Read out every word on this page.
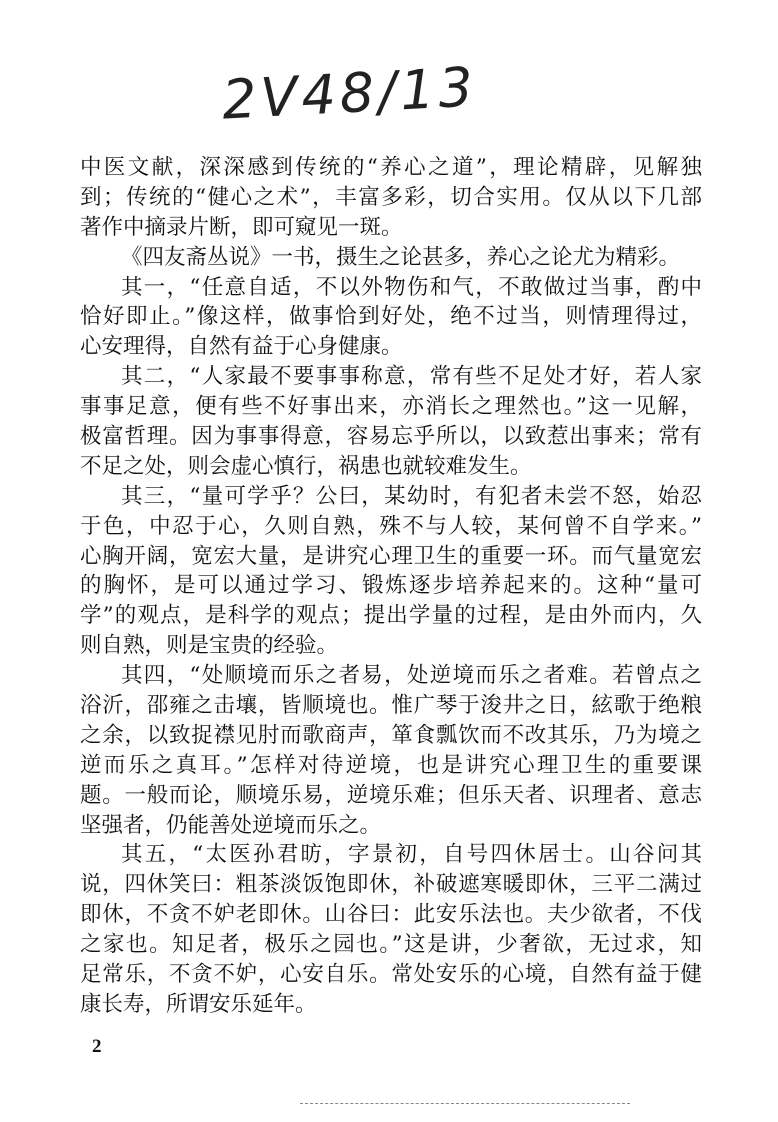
2V48/13
中医文献，深深感到传统的“养心之道”，理论精辟，见解独
到；传统的“健心之术”，丰富多彩，切合实用。仅从以下几部
著作中摘录片断，即可窥见一斑。
《四友斋丛说》一书，摄生之论甚多，养心之论尤为精彩。
其一，“任意自适，不以外物伤和气，不敢做过当事，酌中
恰好即止。”像这样，做事恰到好处，绝不过当，则情理得过，
心安理得，自然有益于心身健康。
其二，“人家最不要事事称意，常有些不足处才好，若人家
事事足意，便有些不好事出来，亦消长之理然也。”这一见解，
极富哲理。因为事事得意，容易忘乎所以，以致惹出事来；常有
不足之处，则会虚心慎行，祸患也就较难发生。
其三，“量可学乎？公曰，某幼时，有犯者未尝不怒，始忍
于色，中忍于心，久则自熟，殊不与人较，某何曾不自学来。”
心胸开阔，宽宏大量，是讲究心理卫生的重要一环。而气量宽宏
的胸怀，是可以通过学习、锻炼逐步培养起来的。这种“量可
学”的观点，是科学的观点；提出学量的过程，是由外而内，久
则自熟，则是宝贵的经验。
其四，“处顺境而乐之者易，处逆境而乐之者难。若曾点之
浴沂，邵雍之击壤，皆顺境也。惟广琴于浚井之日，絃歌于绝粮
之余，以致捉襟见肘而歌商声，箪食瓢饮而不改其乐，乃为境之
逆而乐之真耳。”怎样对待逆境，也是讲究心理卫生的重要课
题。一般而论，顺境乐易，逆境乐难；但乐天者、识理者、意志
坚强者，仍能善处逆境而乐之。
其五，“太医孙君昉，字景初，自号四休居士。山谷问其
说，四休笑曰：粗茶淡饭饱即休，补破遮寒暖即休，三平二满过
即休，不贪不妒老即休。山谷曰：此安乐法也。夫少欲者，不伐
之家也。知足者，极乐之园也。”这是讲，少奢欲，无过求，知
足常乐，不贪不妒，心安自乐。常处安乐的心境，自然有益于健
康长寿，所谓安乐延年。
2
